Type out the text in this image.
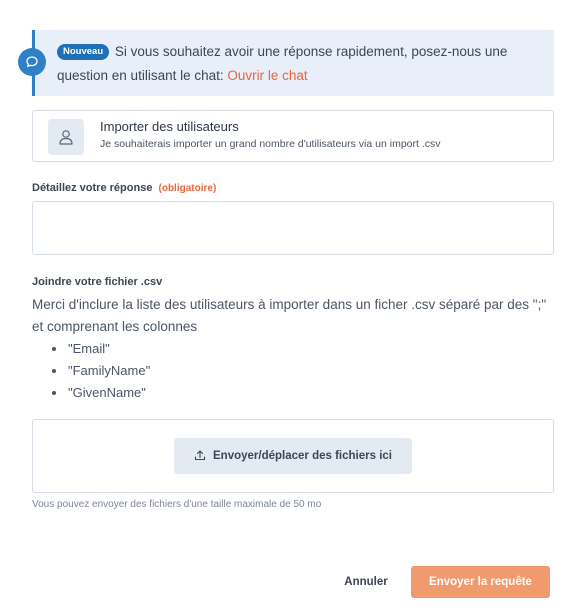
Nouveau Si vous souhaitez avoir une réponse rapidement, posez-nous une question en utilisant le chat: Ouvrir le chat
Importer des utilisateurs
Je souhaiterais importer un grand nombre d'utilisateurs via un import .csv
Détaillez votre réponse (obligatoire)
Joindre votre fichier .csv
Merci d'inclure la liste des utilisateurs à importer dans un ficher .csv séparé par des ";" et comprenant les colonnes
"Email"
"FamilyName"
"GivenName"
Envoyer/déplacer des fichiers ici
Vous pouvez envoyer des fichiers d'une taille maximale de 50 mo
Annuler	Envoyer la requête
